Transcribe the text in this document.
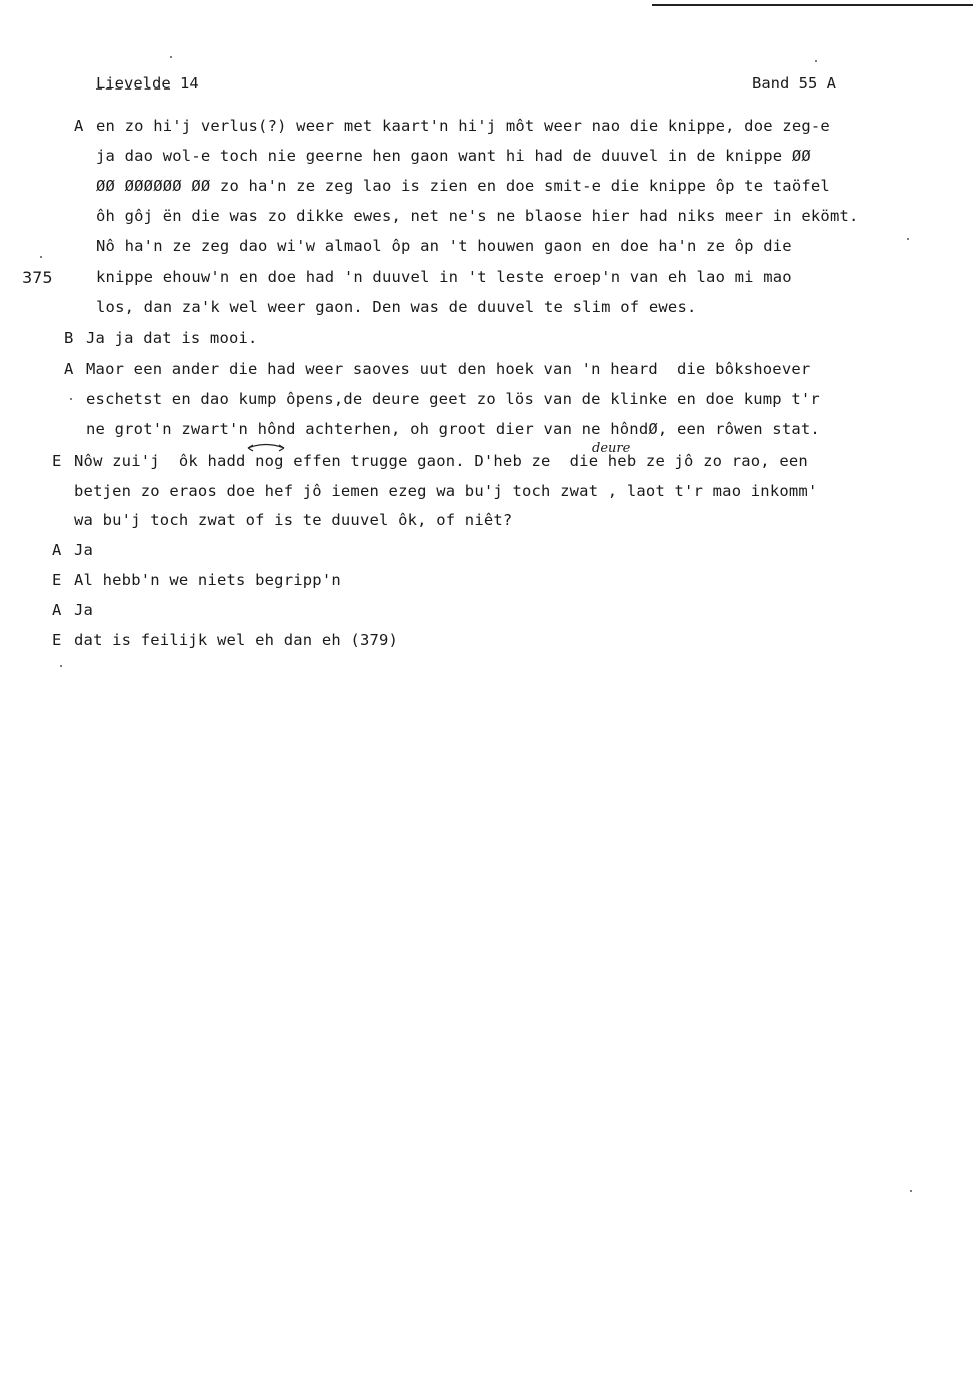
Lievelde 14	Band 55 A
375
A en zo hi'j verlus(?) weer met kaart'n hi'j môt weer nao die knippe, doe zeg-e
ja dao wol-e toch nie geerne hen gaon want hi had de duuvel in de knippe ØØ
ØØ ØØØØØØ ØØ zo ha'n ze zeg lao is zien en doe smit-e die knippe ôp te taöfel
ôh gôj ën die was zo dikke ewes, net ne's ne blaose hier had niks meer in ekömt.
Nô ha'n ze zeg dao wi'w almaol ôp an 't houwen gaon en doe ha'n ze ôp die
knippe ehouw'n en doe had 'n duuvel in 't leste eroep'n van eh lao mi mao
los, dan za'k wel weer gaon. Den was de duuvel te slim of ewes.
B Ja ja dat is mooi.
A Maor een ander die had weer saoves uut den hoek van 'n heard  die bôkshoever
eschetst en dao kump ôpens,de deure geet zo lös van de klinke en doe kump t'r
ne grot'n zwart'n hônd achterhen, oh groot dier van ne hôndØ, een rôwen stat.
E Nôw zui'j  ôk hadd nog effen trugge gaon. D'heb ze  die heb ze jô zo rao, een
betjen zo eraos doe hef jô iemen ezeg wa bu'j toch zwat , laot t'r mao inkomm'
wa bu'j toch zwat of is te duuvel ôk, of niêt?
A Ja
E Al hebb'n we niets begripp'n
A Ja
E dat is feilijk wel eh dan eh (379)
deure
